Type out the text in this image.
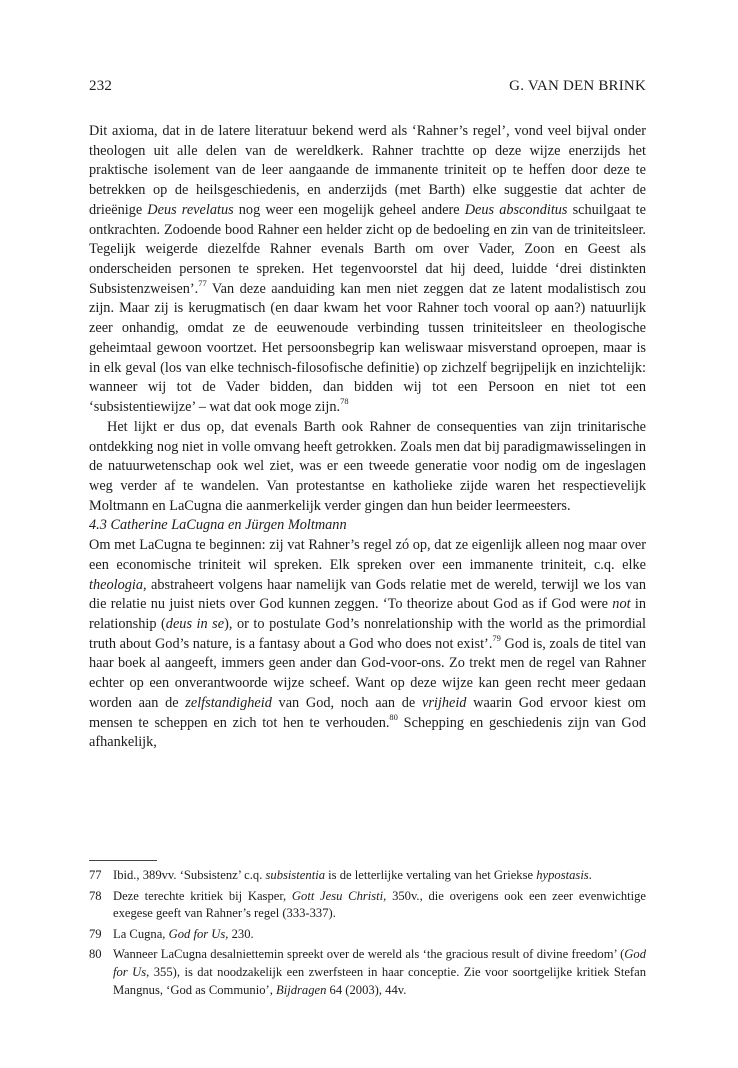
232	G. VAN DEN BRINK

Dit axioma, dat in de latere literatuur bekend werd als ‘Rahner’s regel’, vond veel bijval onder theologen uit alle delen van de wereldkerk. Rahner trachtte op deze wijze enerzijds het praktische isolement van de leer aangaande de immanente triniteit op te heffen door deze te betrekken op de heilsgeschiedenis, en anderzijds (met Barth) elke suggestie dat achter de drieënige Deus revelatus nog weer een mogelijk geheel andere Deus absconditus schuilgaat te ontkrachten. Zodoende bood Rahner een helder zicht op de bedoeling en zin van de triniteitsleer. Tegelijk weigerde diezelfde Rahner evenals Barth om over Vader, Zoon en Geest als onderscheiden personen te spreken. Het tegenvoorstel dat hij deed, luidde ‘drei distinkten Subsistenzweisen’.$^{77}$ Van deze aanduiding kan men niet zeggen dat ze latent modalistisch zou zijn. Maar zij is kerugmatisch (en daar kwam het voor Rahner toch vooral op aan?) natuurlijk zeer onhandig, omdat ze de eeuwenoude verbinding tussen triniteitsleer en theologische geheimtaal gewoon voortzet. Het persoonsbegrip kan weliswaar misverstand oproepen, maar is in elk geval (los van elke technisch-filosofische definitie) op zichzelf begrijpelijk en inzichtelijk: wanneer wij tot de Vader bidden, dan bidden wij tot een Persoon en niet tot een ‘subsistentiewijze’ – wat dat ook moge zijn.$^{78}$

Het lijkt er dus op, dat evenals Barth ook Rahner de consequenties van zijn trinitarische ontdekking nog niet in volle omvang heeft getrokken. Zoals men dat bij paradigmawisselingen in de natuurwetenschap ook wel ziet, was er een tweede generatie voor nodig om de ingeslagen weg verder af te wandelen. Van protestantse en katholieke zijde waren het respectievelijk Moltmann en LaCugna die aanmerkelijk verder gingen dan hun beider leermeesters.

4.3 Catherine LaCugna en Jürgen Moltmann

Om met LaCugna te beginnen: zij vat Rahner’s regel zó op, dat ze eigenlijk alleen nog maar over een economische triniteit wil spreken. Elk spreken over een immanente triniteit, c.q. elke theologia, abstraheert volgens haar namelijk van Gods relatie met de wereld, terwijl we los van die relatie nu juist niets over God kunnen zeggen. ‘To theorize about God as if God were not in relationship (deus in se), or to postulate God’s nonrelationship with the world as the primordial truth about God’s nature, is a fantasy about a God who does not exist’.$^{79}$ God is, zoals de titel van haar boek al aangeeft, immers geen ander dan God-voor-ons. Zo trekt men de regel van Rahner echter op een onverantwoorde wijze scheef. Want op deze wijze kan geen recht meer gedaan worden aan de zelfstandigheid van God, noch aan de vrijheid waarin God ervoor kiest om mensen te scheppen en zich tot hen te verhouden.$^{80}$ Schepping en geschiedenis zijn van God afhankelijk,

77 Ibid., 389vv. ‘Subsistenz’ c.q. subsistentia is de letterlijke vertaling van het Griekse hypostasis.
78 Deze terechte kritiek bij Kasper, Gott Jesu Christi, 350v., die overigens ook een zeer evenwichtige exegese geeft van Rahner’s regel (333-337).
79 La Cugna, God for Us, 230.
80 Wanneer LaCugna desalniettemin spreekt over de wereld als ‘the gracious result of divine freedom’ (God for Us, 355), is dat noodzakelijk een zwerfsteen in haar conceptie. Zie voor soortgelijke kritiek Stefan Mangnus, ‘God as Communio’, Bijdragen 64 (2003), 44v.
